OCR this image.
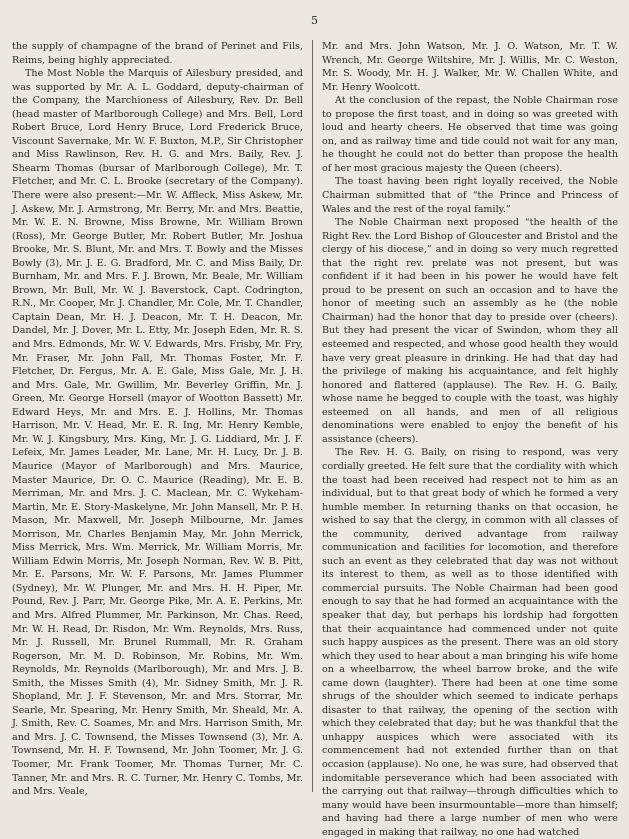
5

the supply of champagne of the brand of Perinet and Fils, Reims, being highly appreciated.

The Most Noble the Marquis of Ailesbury presided, and was supported by Mr. A. L. Goddard, deputy-chairman of the Company, the Marchioness of Ailesbury, Rev. Dr. Bell (head master of Marlborough College) and Mrs. Bell, Lord Robert Bruce, Lord Henry Bruce, Lord Frederick Bruce, Viscount Savernake, Mr. W. F. Buxton, M.P., Sir Christopher and Miss Rawlinson, Rev. H. G. and Mrs. Baily, Rev. J. Shearm Thomas (bursar of Marlborough College), Mr. T. Fletcher, and Mr. C. L. Brooke (secretary of the Company). There were also present:—Mr. W. Affleck, Miss Askew, Mr. J. Askew, Mr. J. Armstrong, Mr. Berry, Mr. and Mrs. Beattie, Mr. W. E. N. Browne, Miss Browne, Mr. William Brown (Ross), Mr. George Butler, Mr. Robert Butler, Mr. Joshua Brooke, Mr. S. Blunt, Mr. and Mrs. T. Bowly and the Misses Bowly (3), Mr. J. E. G. Bradford, Mr. C. and Miss Baily, Dr. Burnham, Mr. and Mrs. F. J. Brown, Mr. Beale, Mr. William Brown, Mr. Bull, Mr. W. J. Baverstock, Capt. Codrington, R.N., Mr. Cooper, Mr. J. Chandler, Mr. Cole, Mr. T. Chandler, Captain Dean, Mr. H. J. Deacon, Mr. T. H. Deacon, Mr. Dandel, Mr. J. Dover, Mr. L. Etty, Mr. Joseph Eden, Mr. R. S. and Mrs. Edmonds, Mr. W. V. Edwards, Mrs. Frisby, Mr. Fry, Mr. Fraser, Mr. John Fall, Mr. Thomas Foster, Mr. F. Fletcher, Dr. Fergus, Mr. A. E. Gale, Miss Gale, Mr. J. H. and Mrs. Gale, Mr. Gwillim, Mr. Beverley Griffin, Mr. J. Green, Mr. George Horsell (mayor of Wootton Bassett) Mr. Edward Heys, Mr. and Mrs. E. J. Hollins, Mr. Thomas Harrison, Mr. V. Head, Mr. E. R. Ing, Mr. Henry Kemble, Mr. W. J. Kingsbury, Mrs. King, Mr. J. G. Liddiard, Mr. J. F. Lefeix, Mr. James Leader, Mr. Lane, Mr. H. Lucy, Dr. J. B. Maurice (Mayor of Marlborough) and Mrs. Maurice, Master Maurice, Dr. O. C. Maurice (Reading), Mr. E. B. Merriman, Mr. and Mrs. J. C. Maclean, Mr. C. Wykeham-Martin, Mr. E. Story-Maskelyne, Mr. John Mansell, Mr. P. H. Mason, Mr. Maxwell, Mr. Joseph Milbourne, Mr. James Morrison, Mr. Charles Benjamin May, Mr. John Merrick, Miss Merrick, Mrs. Wm. Merrick, Mr. William Morris, Mr. William Edwin Morris, Mr. Joseph Norman, Rev. W. B. Pitt, Mr. E. Parsons, Mr. W. F. Parsons, Mr. James Plummer (Sydney), Mr. W. Plunger, Mr. and Mrs. H. H. Piper, Mr. Pound, Rev. J. Parr, Mr. George Pike, Mr. A. E. Perkins, Mr. and Mrs. Alfred Plummer, Mr. Parkinson, Mr. Chas. Reed, Mr. W. H. Read, Dr. Risdon, Mr. Wm. Reynolds, Mrs. Russ, Mr. J. Russell, Mr. Brunel Rummall, Mr. R. Graham Rogerson, Mr. M. D. Robinson, Mr. Robins, Mr. Wm. Reynolds, Mr. Reynolds (Marlborough), Mr. and Mrs. J. B. Smith, the Misses Smith (4), Mr. Sidney Smith, Mr. J. R. Shopland, Mr. J. F. Stevenson, Mr. and Mrs. Storrar, Mr. Searle, Mr. Spearing, Mr. Henry Smith, Mr. Sheald, Mr. A. J. Smith, Rev. C. Soames, Mr. and Mrs. Harrison Smith, Mr. and Mrs. J. C. Townsend, the Misses Townsend (3), Mr. A. Townsend, Mr. H. F. Townsend, Mr. John Toomer, Mr. J. G. Toomer, Mr. Frank Toomer, Mr. Thomas Turner, Mr. C. Tanner, Mr. and Mrs. R. C. Turner, Mr. Henry C. Tombs, Mr. and Mrs. Veale,

Mr. and Mrs. John Watson, Mr. J. O. Watson, Mr. T. W. Wrench, Mr. George Wiltshire, Mr. J. Willis, Mr. C. Weston, Mr. S. Woody, Mr. H. J. Walker, Mr. W. Challen White, and Mr. Henry Woolcott.

At the conclusion of the repast, the Noble Chairman rose to propose the first toast, and in doing so was greeted with loud and hearty cheers. He observed that time was going on, and as railway time and tide could not wait for any man, he thought he could not do better than propose the health of her most gracious majesty the Queen (cheers).

The toast having been right loyally received, the Noble Chairman submitted that of “the Prince and Princess of Wales and the rest of the royal family.”

The Noble Chairman next proposed “the health of the Right Rev. the Lord Bishop of Gloucester and Bristol and the clergy of his diocese,” and in doing so very much regretted that the right rev. prelate was not present, but was confident if it had been in his power he would have felt proud to be present on such an occasion and to have the honor of meeting such an assembly as he (the noble Chairman) had the honor that day to preside over (cheers). But they had present the vicar of Swindon, whom they all esteemed and respected, and whose good health they would have very great pleasure in drinking. He had that day had the privilege of making his acquaintance, and felt highly honored and flattered (applause). The Rev. H. G. Baily, whose name he begged to couple with the toast, was highly esteemed on all hands, and men of all religious denominations were enabled to enjoy the benefit of his assistance (cheers).

The Rev. H. G. Baily, on rising to respond, was very cordially greeted. He felt sure that the cordiality with which the toast had been received had respect not to him as an individual, but to that great body of which he formed a very humble member. In returning thanks on that occasion, he wished to say that the clergy, in common with all classes of the community, derived advantage from railway communication and facilities for locomotion, and therefore such an event as they celebrated that day was not without its interest to them, as well as to those identified with commercial pursuits. The Noble Chairman had been good enough to say that he had formed an acquaintance with the speaker that day, but perhaps his lordship had forgotten that their acquaintance had commenced under not quite such happy auspices as the present. There was an old story which they used to hear about a man bringing his wife home on a wheelbarrow, the wheel barrow broke, and the wife came down (laughter). There had been at one time some shrugs of the shoulder which seemed to indicate perhaps disaster to that railway, the opening of the section with which they celebrated that day; but he was thankful that the unhappy auspices which were associated with its commencement had not extended further than on that occasion (applause). No one, he was sure, had observed that indomitable perseverance which had been associated with the carrying out that railway—through difficulties which to many would have been insurmountable—more than himself; and having had there a large number of men who were engaged in making that railway, no one had watched
